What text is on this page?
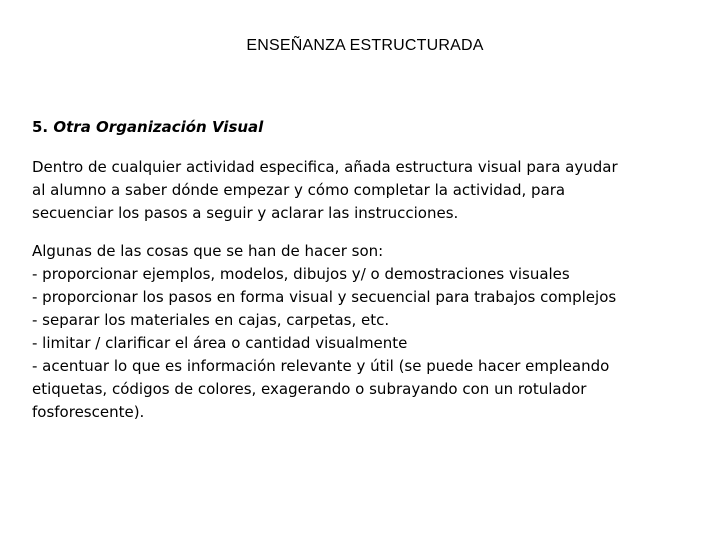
ENSEÑANZA ESTRUCTURADA
5. Otra Organización Visual
Dentro de cualquier actividad especifica, añada estructura visual para ayudar
al alumno a saber dónde empezar y cómo completar la actividad, para
secuenciar los pasos a seguir y aclarar las instrucciones.
Algunas de las cosas que se han de hacer son:
- proporcionar ejemplos, modelos, dibujos y/ o demostraciones visuales
- proporcionar los pasos en forma visual y secuencial para trabajos complejos
- separar los materiales en cajas, carpetas, etc.
- limitar / clarificar el área o cantidad visualmente
- acentuar lo que es información relevante y útil (se puede hacer empleando
etiquetas, códigos de colores, exagerando o subrayando con un rotulador
fosforescente).
